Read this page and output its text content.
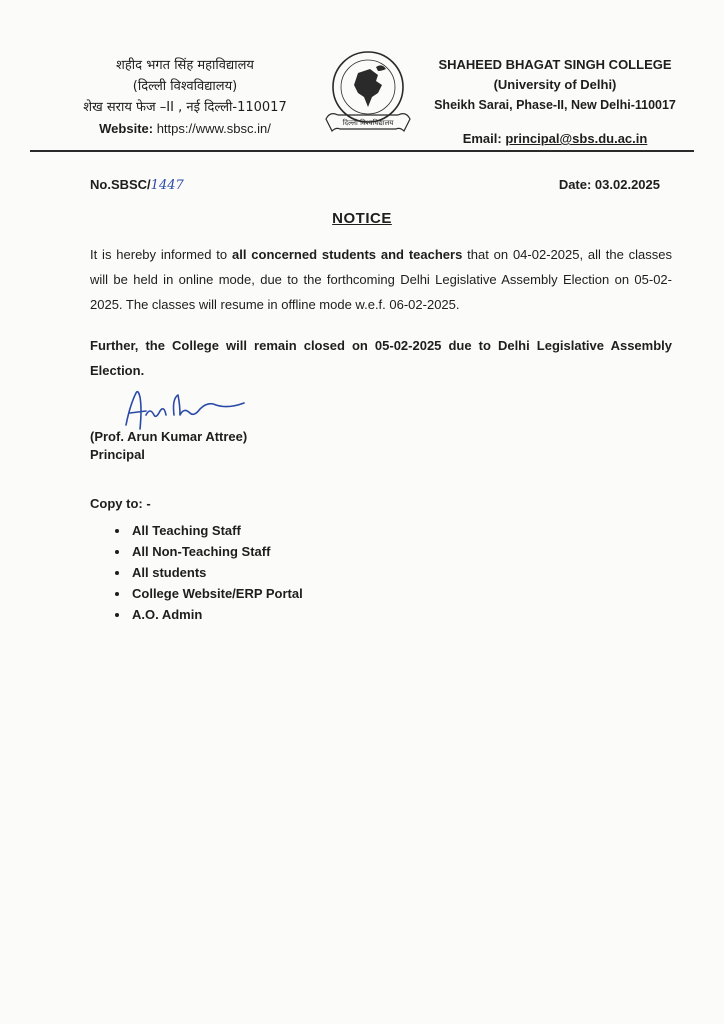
शहीद भगत सिंह महाविद्यालय
(दिल्ली विश्वविद्यालय)
शेख सराय फेज –II , नई दिल्ली-110017
Website: https://www.sbsc.in/	दिल्ली विश्वविद्यालय
SHAHEED BHAGAT SINGH COLLEGE
(University of Delhi)
Sheikh Sarai, Phase-II, New Delhi-110017
Email: principal@sbs.du.ac.in
No.SBSC/1447	Date: 03.02.2025
NOTICE
It is hereby informed to all concerned students and teachers that on 04-02-2025, all the classes will be held in online mode, due to the forthcoming Delhi Legislative Assembly Election on 05-02-2025. The classes will resume in offline mode w.e.f. 06-02-2025.
Further, the College will remain closed on 05-02-2025 due to Delhi Legislative Assembly Election.
(Prof. Arun Kumar Attree)
Principal
Copy to: -
• All Teaching Staff
• All Non-Teaching Staff
• All students
• College Website/ERP Portal
• A.O. Admin
